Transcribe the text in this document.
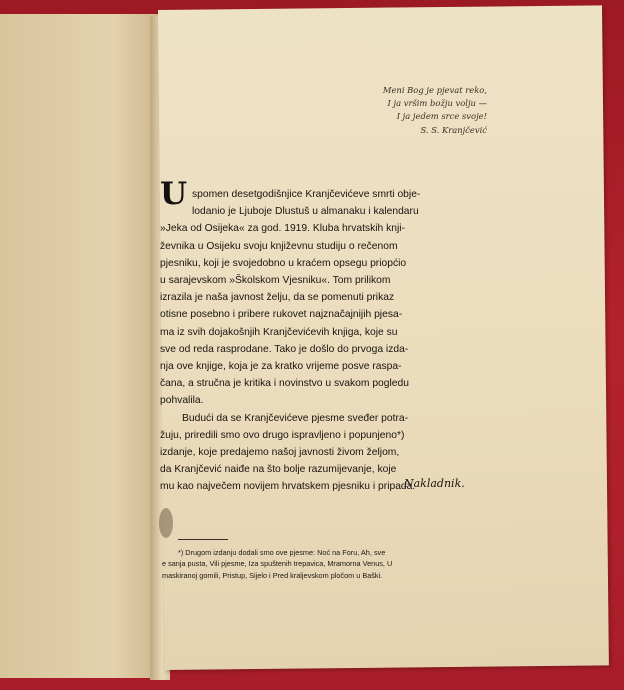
Meni Bog je pjevat reko,
I ja vršim božju volju —
I ja jedem srce svoje!
S. S. Kranjčević
U spomen desetgodišnjice Kranjčevićeve smrti obje-
lodanio je Ljuboje Dlustuš u almanaku i kalendaru
»Jeka od Osijeka« za god. 1919. Kluba hrvatskih knji-
ževnika u Osijeku svoju književnu studiju o rečenom
pjesniku, koji je svojedobno u kraćem opsegu priopćio
u sarajevskom »Školskom Vjesniku«. Tom prilikom
izrazila je naša javnost želju, da se pomenuti prikaz
otisne posebno i pribere rukovet najznačajnijih pjesa-
ma iz svih dojakošnjih Kranjčevićevih knjiga, koje su
sve od reda rasprodane. Tako je došlo do prvoga izda-
nja ove knjige, koja je za kratko vrijeme posve raspa-
čana, a stručna je kritika i novinstvo u svakom pogledu
pohvalila.
Budući da se Kranjčevićeve pjesme sveđer potra-
žuju, priredili smo ovo drugo ispravljeno i popunjeno*)
izdanje, koje predajemo našoj javnosti živom željom,
da Kranjčević naiđe na što bolje razumijevanje, koje
mu kao največem novijem hrvatskem pjesniku i pripada.
Nakladnik.
*) Drugom izdanju dodali smo ove pjesme: Noć na Foru, Ah, sve
e sanja pusta, Vili pjesme, Iza spuštenih trepavica, Mramorna Venus, U
maskiranoj gomili, Pristup, Sijelo i Pred kraljevskom pločom u Baški.
